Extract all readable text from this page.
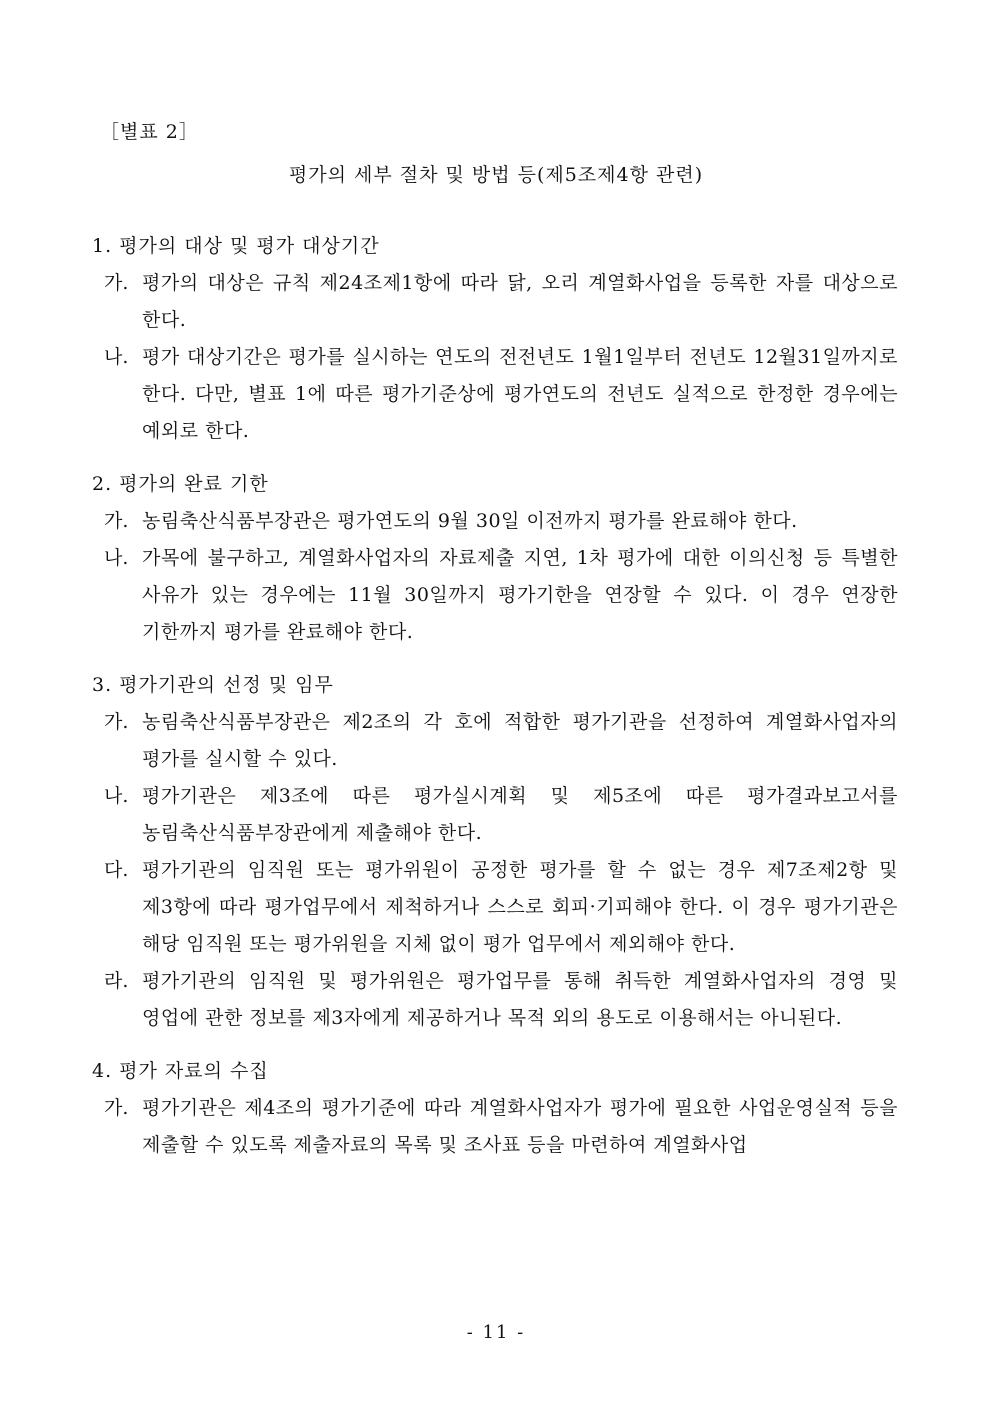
［별표 2］
평가의 세부 절차 및 방법 등(제5조제4항 관련)
1. 평가의 대상 및 평가 대상기간
가. 평가의 대상은 규칙 제24조제1항에 따라 닭, 오리 계열화사업을 등록한 자를 대상으로 한다.
나. 평가 대상기간은 평가를 실시하는 연도의 전전년도 1월1일부터 전년도 12월31일까지로 한다. 다만, 별표 1에 따른 평가기준상에 평가연도의 전년도 실적으로 한정한 경우에는 예외로 한다.
2. 평가의 완료 기한
가. 농림축산식품부장관은 평가연도의 9월 30일 이전까지 평가를 완료해야 한다.
나. 가목에 불구하고, 계열화사업자의 자료제출 지연, 1차 평가에 대한 이의신청 등 특별한 사유가 있는 경우에는 11월 30일까지 평가기한을 연장할 수 있다. 이 경우 연장한 기한까지 평가를 완료해야 한다.
3. 평가기관의 선정 및 임무
가. 농림축산식품부장관은 제2조의 각 호에 적합한 평가기관을 선정하여 계열화사업자의 평가를 실시할 수 있다.
나. 평가기관은 제3조에 따른 평가실시계획 및 제5조에 따른 평가결과보고서를 농림축산식품부장관에게 제출해야 한다.
다. 평가기관의 임직원 또는 평가위원이 공정한 평가를 할 수 없는 경우 제7조제2항 및 제3항에 따라 평가업무에서 제척하거나 스스로 회피·기피해야 한다. 이 경우 평가기관은 해당 임직원 또는 평가위원을 지체 없이 평가 업무에서 제외해야 한다.
라. 평가기관의 임직원 및 평가위원은 평가업무를 통해 취득한 계열화사업자의 경영 및 영업에 관한 정보를 제3자에게 제공하거나 목적 외의 용도로 이용해서는 아니된다.
4. 평가 자료의 수집
가. 평가기관은 제4조의 평가기준에 따라 계열화사업자가 평가에 필요한 사업운영실적 등을 제출할 수 있도록 제출자료의 목록 및 조사표 등을 마련하여 계열화사업
- 11 -
